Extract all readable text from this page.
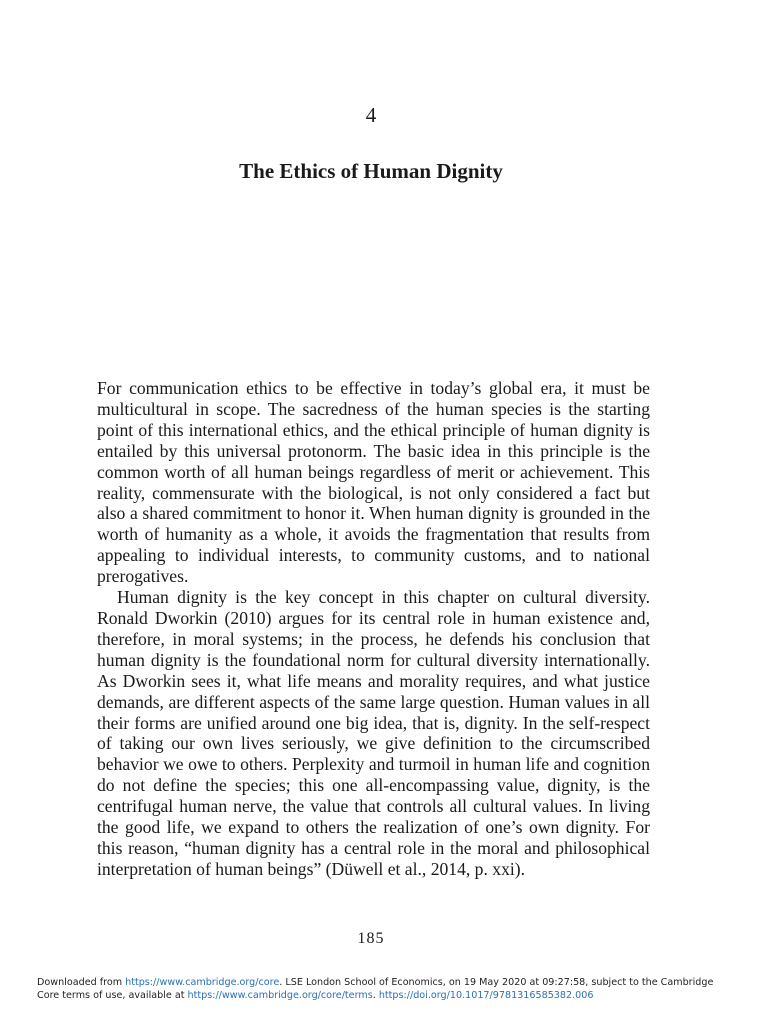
4
The Ethics of Human Dignity

For communication ethics to be effective in today’s global era, it must be multicultural in scope. The sacredness of the human species is the starting point of this international ethics, and the ethical principle of human dignity is entailed by this universal protonorm. The basic idea in this principle is the common worth of all human beings regardless of merit or achievement. This reality, commensurate with the biological, is not only considered a fact but also a shared commitment to honor it. When human dignity is grounded in the worth of humanity as a whole, it avoids the fragmentation that results from appealing to individual interests, to community customs, and to national prerogatives.

Human dignity is the key concept in this chapter on cultural diversity. Ronald Dworkin (2010) argues for its central role in human existence and, therefore, in moral systems; in the process, he defends his conclusion that human dignity is the foundational norm for cultural diversity internationally. As Dworkin sees it, what life means and morality requires, and what justice demands, are different aspects of the same large question. Human values in all their forms are unified around one big idea, that is, dignity. In the self-respect of taking our own lives seriously, we give definition to the circumscribed behavior we owe to others. Perplexity and turmoil in human life and cognition do not define the species; this one all-encompassing value, dignity, is the centrifugal human nerve, the value that controls all cultural values. In living the good life, we expand to others the realization of one’s own dignity. For this reason, “human dignity has a central role in the moral and philosophical interpretation of human beings” (Düwell et al., 2014, p. xxi).

185
Downloaded from https://www.cambridge.org/core. LSE London School of Economics, on 19 May 2020 at 09:27:58, subject to the Cambridge Core terms of use, available at https://www.cambridge.org/core/terms. https://doi.org/10.1017/9781316585382.006
